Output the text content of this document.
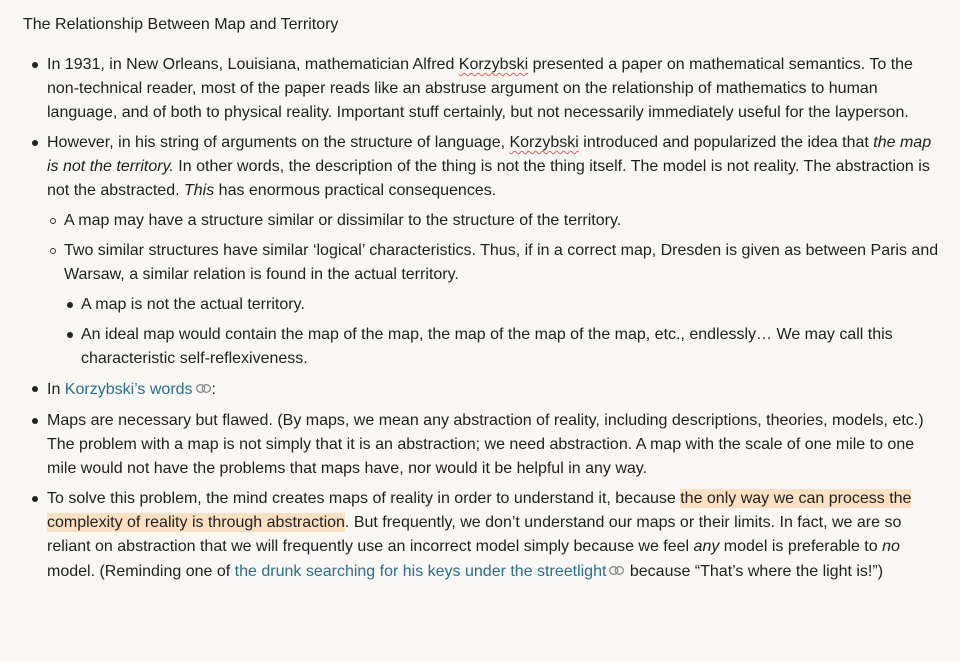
The Relationship Between Map and Territory
In 1931, in New Orleans, Louisiana, mathematician Alfred Korzybski presented a paper on mathematical semantics. To the non-technical reader, most of the paper reads like an abstruse argument on the relationship of mathematics to human language, and of both to physical reality. Important stuff certainly, but not necessarily immediately useful for the layperson.
However, in his string of arguments on the structure of language, Korzybski introduced and popularized the idea that the map is not the territory. In other words, the description of the thing is not the thing itself. The model is not reality. The abstraction is not the abstracted. This has enormous practical consequences.
A map may have a structure similar or dissimilar to the structure of the territory.
Two similar structures have similar ‘logical’ characteristics. Thus, if in a correct map, Dresden is given as between Paris and Warsaw, a similar relation is found in the actual territory.
A map is not the actual territory.
An ideal map would contain the map of the map, the map of the map of the map, etc., endlessly… We may call this characteristic self-reflexiveness.
In Korzybski’s words :
Maps are necessary but flawed. (By maps, we mean any abstraction of reality, including descriptions, theories, models, etc.) The problem with a map is not simply that it is an abstraction; we need abstraction. A map with the scale of one mile to one mile would not have the problems that maps have, nor would it be helpful in any way.
To solve this problem, the mind creates maps of reality in order to understand it, because the only way we can process the complexity of reality is through abstraction. But frequently, we don’t understand our maps or their limits. In fact, we are so reliant on abstraction that we will frequently use an incorrect model simply because we feel any model is preferable to no model. (Reminding one of the drunk searching for his keys under the streetlight because “That’s where the light is!”)
